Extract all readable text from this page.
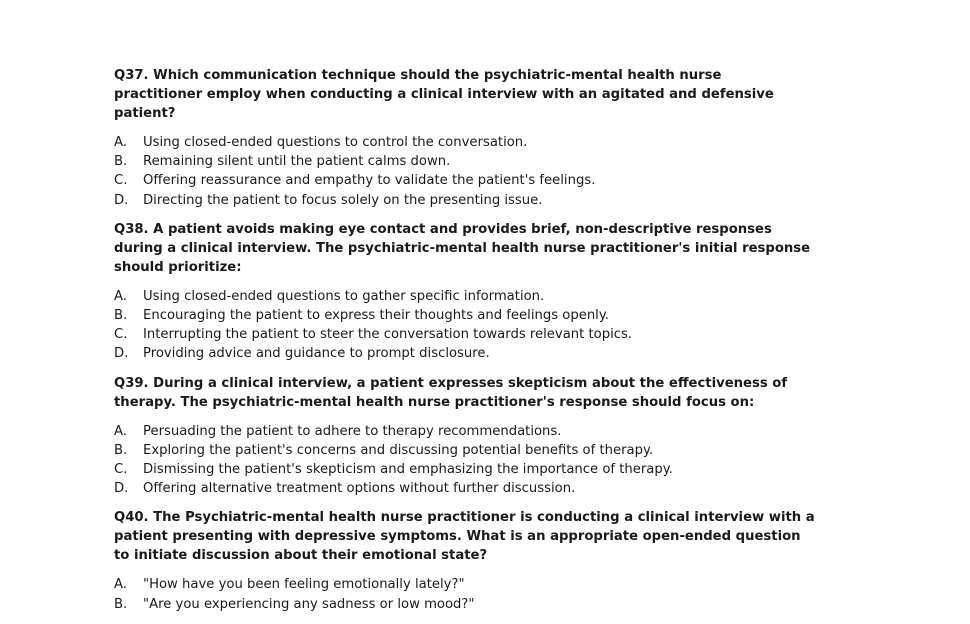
Q37. Which communication technique should the psychiatric-mental health nurse
practitioner employ when conducting a clinical interview with an agitated and defensive
patient?

A.	Using closed-ended questions to control the conversation.
B.	Remaining silent until the patient calms down.
C.	Offering reassurance and empathy to validate the patient's feelings.
D.	Directing the patient to focus solely on the presenting issue.

Q38. A patient avoids making eye contact and provides brief, non-descriptive responses
during a clinical interview. The psychiatric-mental health nurse practitioner's initial response
should prioritize:

A.	Using closed-ended questions to gather specific information.
B.	Encouraging the patient to express their thoughts and feelings openly.
C.	Interrupting the patient to steer the conversation towards relevant topics.
D.	Providing advice and guidance to prompt disclosure.

Q39. During a clinical interview, a patient expresses skepticism about the effectiveness of
therapy. The psychiatric-mental health nurse practitioner's response should focus on:

A.	Persuading the patient to adhere to therapy recommendations.
B.	Exploring the patient's concerns and discussing potential benefits of therapy.
C.	Dismissing the patient's skepticism and emphasizing the importance of therapy.
D.	Offering alternative treatment options without further discussion.

Q40. The Psychiatric-mental health nurse practitioner is conducting a clinical interview with a
patient presenting with depressive symptoms. What is an appropriate open-ended question
to initiate discussion about their emotional state?

A.	"How have you been feeling emotionally lately?"
B.	"Are you experiencing any sadness or low mood?"
